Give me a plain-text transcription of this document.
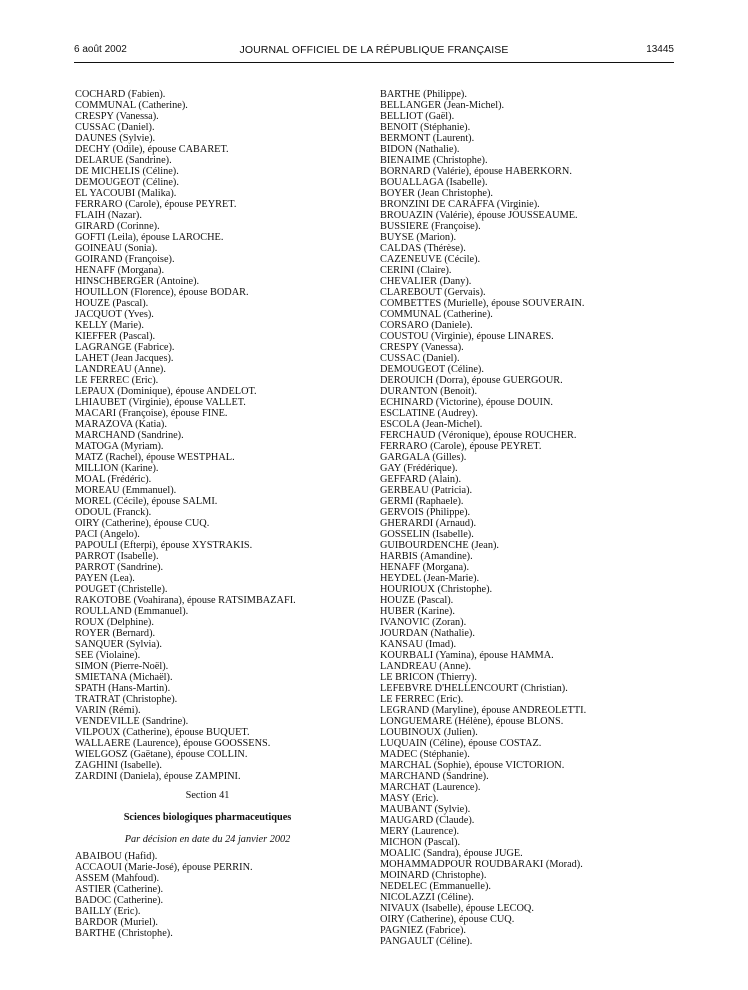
6 août 2002	JOURNAL OFFICIEL DE LA RÉPUBLIQUE FRANÇAISE	13445
COCHARD (Fabien).
COMMUNAL (Catherine).
CRESPY (Vanessa).
CUSSAC (Daniel).
DAUNES (Sylvie).
DECHY (Odile), épouse CABARET.
DELARUE (Sandrine).
DE MICHELIS (Céline).
DEMOUGEOT (Céline).
EL YACOUBI (Malika).
FERRARO (Carole), épouse PEYRET.
FLAIH (Nazar).
GIRARD (Corinne).
GOFTI (Leila), épouse LAROCHE.
GOINEAU (Sonia).
GOIRAND (Françoise).
HENAFF (Morgana).
HINSCHBERGER (Antoine).
HOUILLON (Florence), épouse BODAR.
HOUZE (Pascal).
JACQUOT (Yves).
KELLY (Marie).
KIEFFER (Pascal).
LAGRANGE (Fabrice).
LAHET (Jean Jacques).
LANDREAU (Anne).
LE FERREC (Eric).
LEPAUX (Dominique), épouse ANDELOT.
LHIAUBET (Virginie), épouse VALLET.
MACARI (Françoise), épouse FINE.
MARAZOVA (Katia).
MARCHAND (Sandrine).
MATOGA (Myriam).
MATZ (Rachel), épouse WESTPHAL.
MILLION (Karine).
MOAL (Frédéric).
MOREAU (Emmanuel).
MOREL (Cécile), épouse SALMI.
ODOUL (Franck).
OIRY (Catherine), épouse CUQ.
PACI (Angelo).
PAPOULI (Efterpi), épouse XYSTRAKIS.
PARROT (Isabelle).
PARROT (Sandrine).
PAYEN (Lea).
POUGET (Christelle).
RAKOTOBE (Voahirana), épouse RATSIMBAZAFI.
ROULLAND (Emmanuel).
ROUX (Delphine).
ROYER (Bernard).
SANQUER (Sylvia).
SEE (Violaine).
SIMON (Pierre-Noël).
SMIETANA (Michaël).
SPATH (Hans-Martin).
TRATRAT (Christophe).
VARIN (Rémi).
VENDEVILLE (Sandrine).
VILPOUX (Catherine), épouse BUQUET.
WALLAERE (Laurence), épouse GOOSSENS.
WIELGOSZ (Gaëtane), épouse COLLIN.
ZAGHINI (Isabelle).
ZARDINI (Daniela), épouse ZAMPINI.
Section 41
Sciences biologiques pharmaceutiques
Par décision en date du 24 janvier 2002
ABAIBOU (Hafid).
ACCAOUI (Marie-José), épouse PERRIN.
ASSEM (Mahfoud).
ASTIER (Catherine).
BADOC (Catherine).
BAILLY (Eric).
BARDOR (Muriel).
BARTHE (Christophe).
BARTHE (Philippe).
BELLANGER (Jean-Michel).
BELLIOT (Gaël).
BENOIT (Stéphanie).
BERMONT (Laurent).
BIDON (Nathalie).
BIENAIME (Christophe).
BORNARD (Valérie), épouse HABERKORN.
BOUALLAGA (Isabelle).
BOYER (Jean Christophe).
BRONZINI DE CARAFFA (Virginie).
BROUAZIN (Valérie), épouse JOUSSEAUME.
BUSSIERE (Françoise).
BUYSE (Marion).
CALDAS (Thérèse).
CAZENEUVE (Cécile).
CERINI (Claire).
CHEVALIER (Dany).
CLAREBOUT (Gervais).
COMBETTES (Murielle), épouse SOUVERAIN.
COMMUNAL (Catherine).
CORSARO (Daniele).
COUSTOU (Virginie), épouse LINARES.
CRESPY (Vanessa).
CUSSAC (Daniel).
DEMOUGEOT (Céline).
DEROUICH (Dorra), épouse GUERGOUR.
DURANTON (Benoit).
ECHINARD (Victorine), épouse DOUIN.
ESCLATINE (Audrey).
ESCOLA (Jean-Michel).
FERCHAUD (Véronique), épouse ROUCHER.
FERRARO (Carole), épouse PEYRET.
GARGALA (Gilles).
GAY (Frédérique).
GEFFARD (Alain).
GERBEAU (Patricia).
GERMI (Raphaele).
GERVOIS (Philippe).
GHERARDI (Arnaud).
GOSSELIN (Isabelle).
GUIBOURDENCHE (Jean).
HARBIS (Amandine).
HENAFF (Morgana).
HEYDEL (Jean-Marie).
HOURIOUX (Christophe).
HOUZE (Pascal).
HUBER (Karine).
IVANOVIC (Zoran).
JOURDAN (Nathalie).
KANSAU (Imad).
KOURBALI (Yamina), épouse HAMMA.
LANDREAU (Anne).
LE BRICON (Thierry).
LEFEBVRE D'HELLENCOURT (Christian).
LE FERREC (Eric).
LEGRAND (Maryline), épouse ANDREOLETTI.
LONGUEMARE (Hélène), épouse BLONS.
LOUBINOUX (Julien).
LUQUAIN (Céline), épouse COSTAZ.
MADEC (Stéphanie).
MARCHAL (Sophie), épouse VICTORION.
MARCHAND (Sandrine).
MARCHAT (Laurence).
MASY (Eric).
MAUBANT (Sylvie).
MAUGARD (Claude).
MERY (Laurence).
MICHON (Pascal).
MOALIC (Sandra), épouse JUGE.
MOHAMMADPOUR ROUDBARAKI (Morad).
MOINARD (Christophe).
NEDELEC (Emmanuelle).
NICOLAZZI (Céline).
NIVAUX (Isabelle), épouse LECOQ.
OIRY (Catherine), épouse CUQ.
PAGNIEZ (Fabrice).
PANGAULT (Céline).
